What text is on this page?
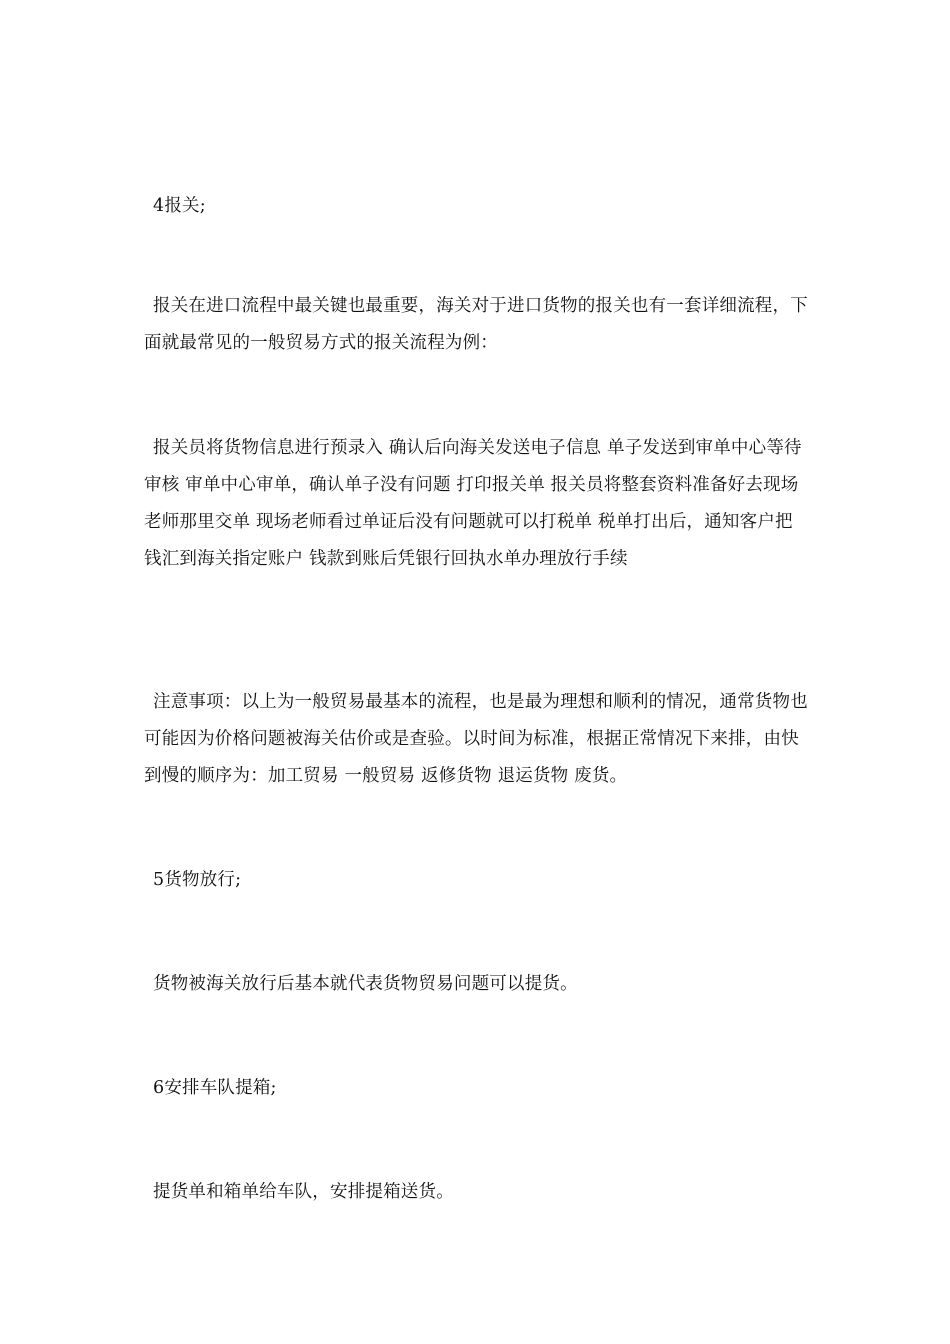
4报关;

报关在进口流程中最关键也最重要，海关对于进口货物的报关也有一套详细流程，下面就最常见的一般贸易方式的报关流程为例：

报关员将货物信息进行预录入 确认后向海关发送电子信息 单子发送到审单中心等待审核 审单中心审单，确认单子没有问题 打印报关单 报关员将整套资料准备好去现场老师那里交单 现场老师看过单证后没有问题就可以打税单 税单打出后，通知客户把钱汇到海关指定账户 钱款到账后凭银行回执水单办理放行手续

注意事项：以上为一般贸易最基本的流程，也是最为理想和顺利的情况，通常货物也可能因为价格问题被海关估价或是查验。以时间为标准，根据正常情况下来排，由快到慢的顺序为：加工贸易 一般贸易 返修货物 退运货物 废货。

5货物放行;

货物被海关放行后基本就代表货物贸易问题可以提货。

6安排车队提箱;

提货单和箱单给车队，安排提箱送货。
